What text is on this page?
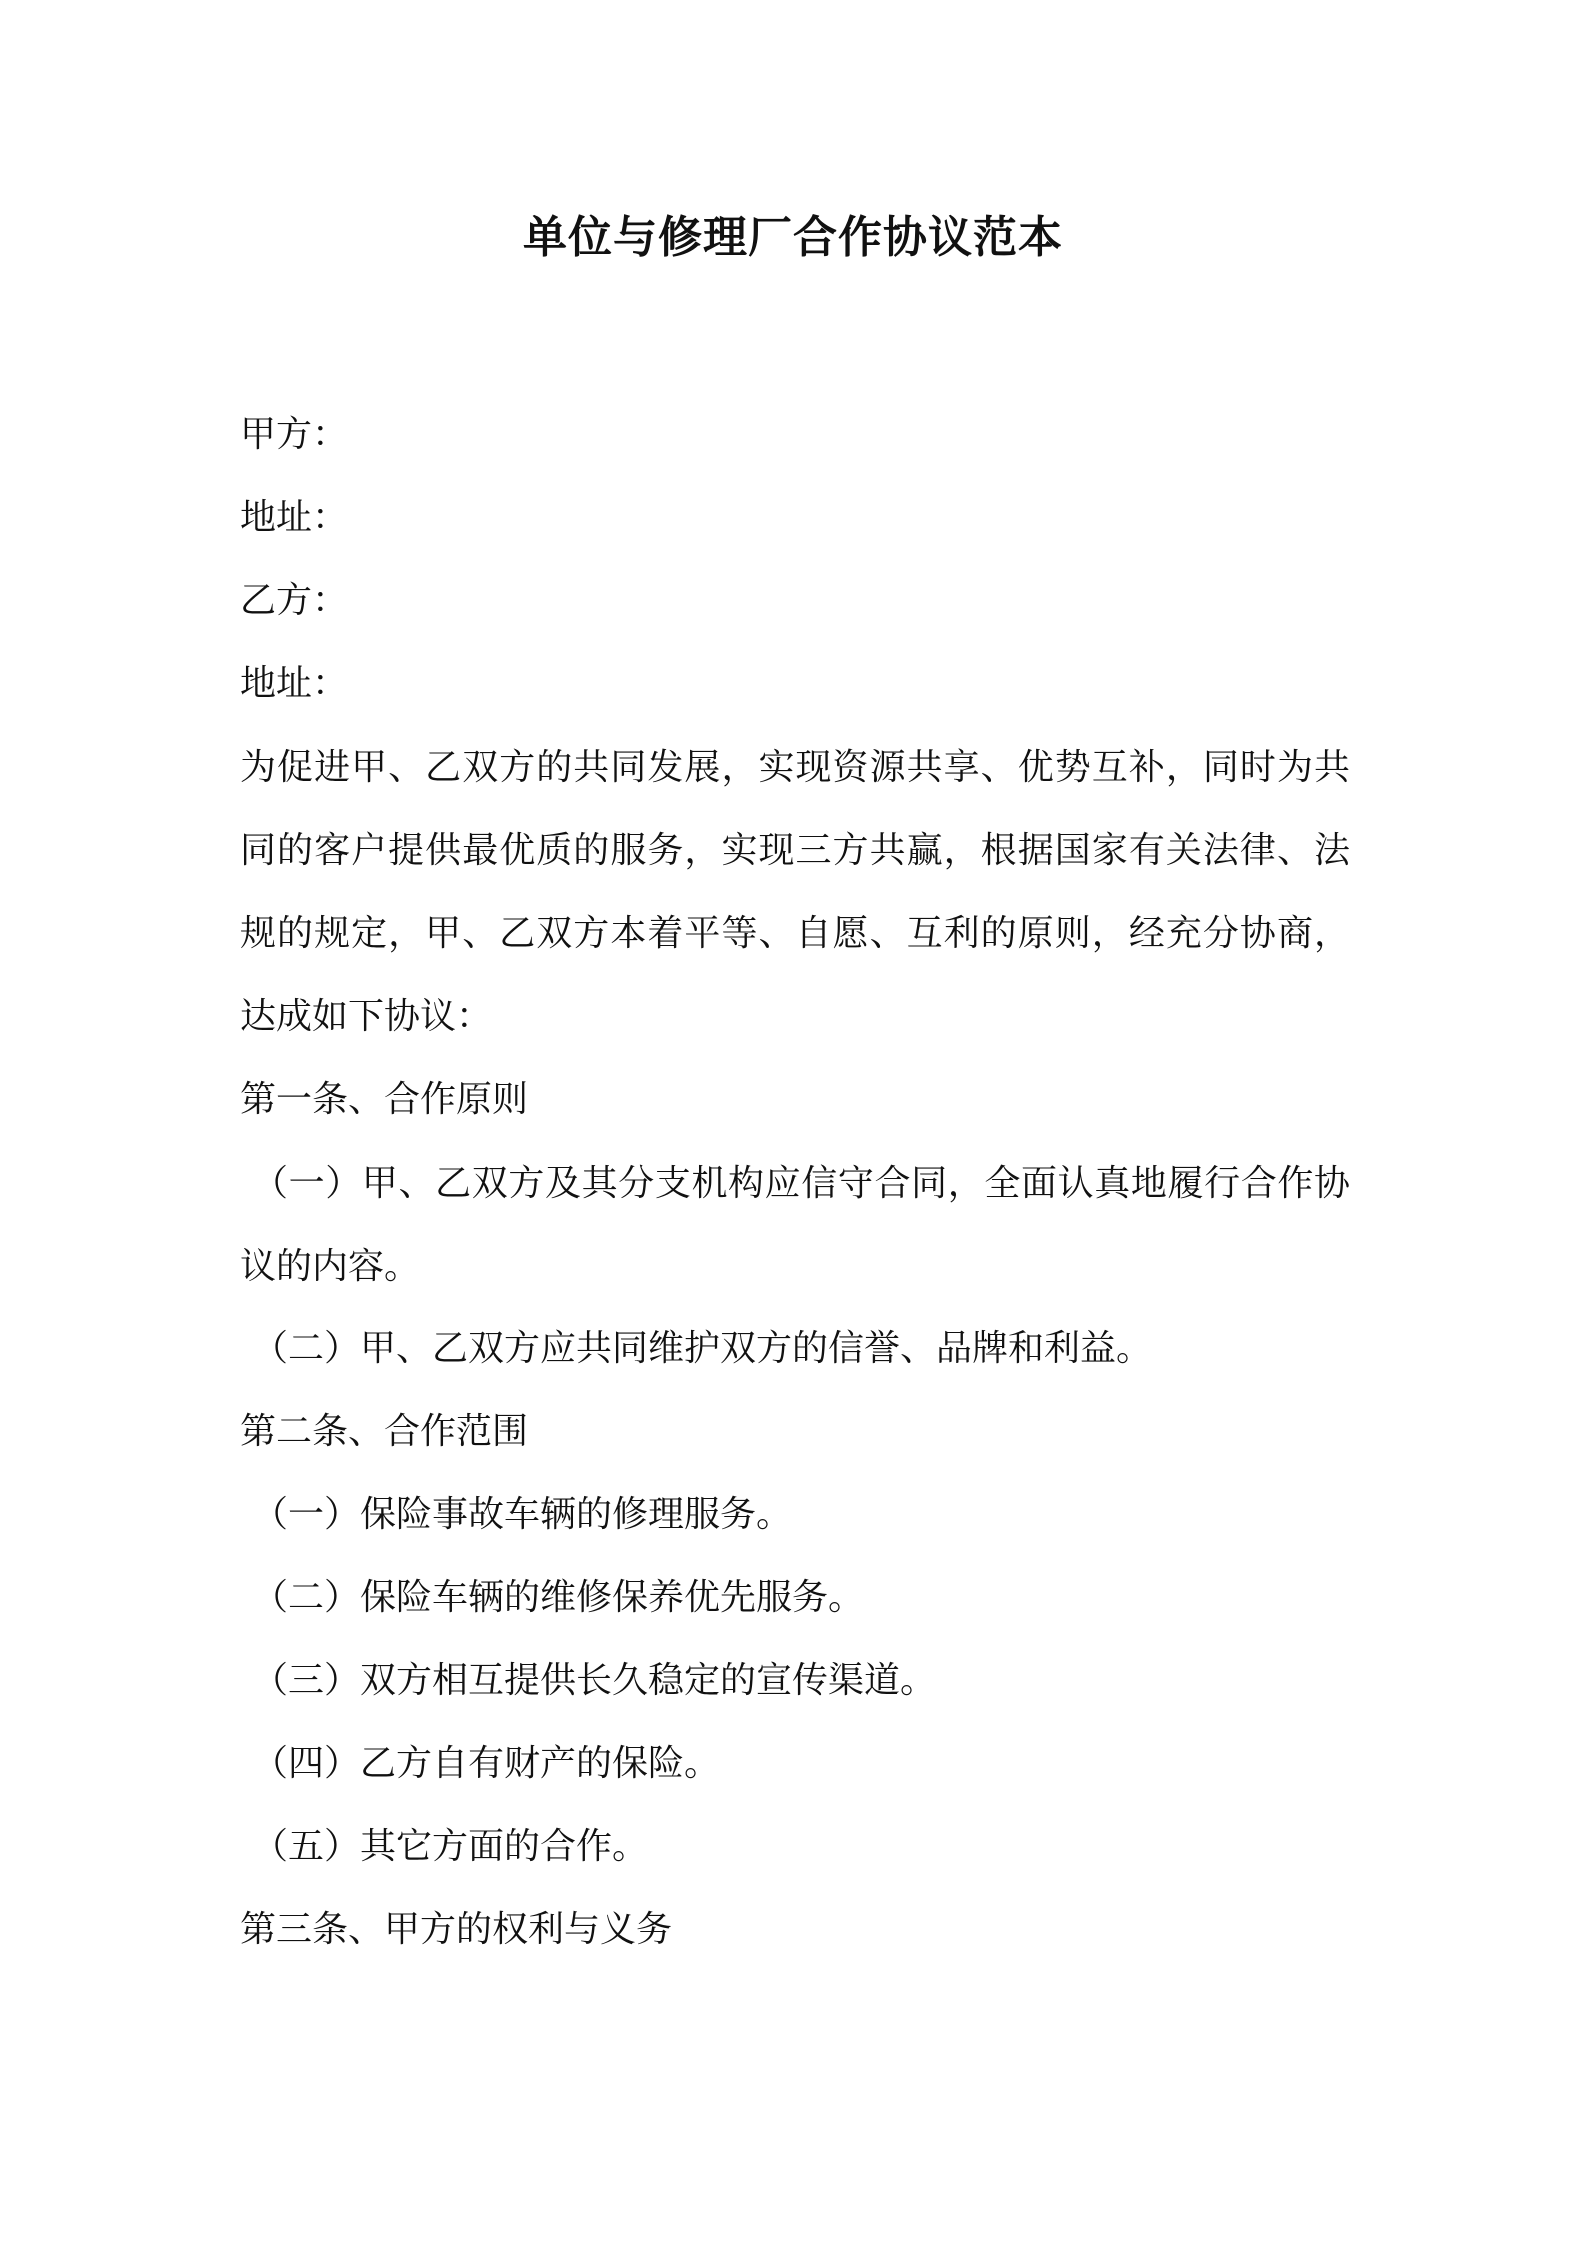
单位与修理厂合作协议范本
甲方：
地址：
乙方：
地址：
为促进甲、乙双方的共同发展，实现资源共享、优势互补，同时为共同的客户提供最优质的服务，实现三方共赢，根据国家有关法律、法规的规定，甲、乙双方本着平等、自愿、互利的原则，经充分协商，达成如下协议：
第一条、合作原则
（一）甲、乙双方及其分支机构应信守合同，全面认真地履行合作协议的内容。
（二）甲、乙双方应共同维护双方的信誉、品牌和利益。
第二条、合作范围
（一）保险事故车辆的修理服务。
（二）保险车辆的维修保养优先服务。
（三）双方相互提供长久稳定的宣传渠道。
（四）乙方自有财产的保险。
（五）其它方面的合作。
第三条、甲方的权利与义务
